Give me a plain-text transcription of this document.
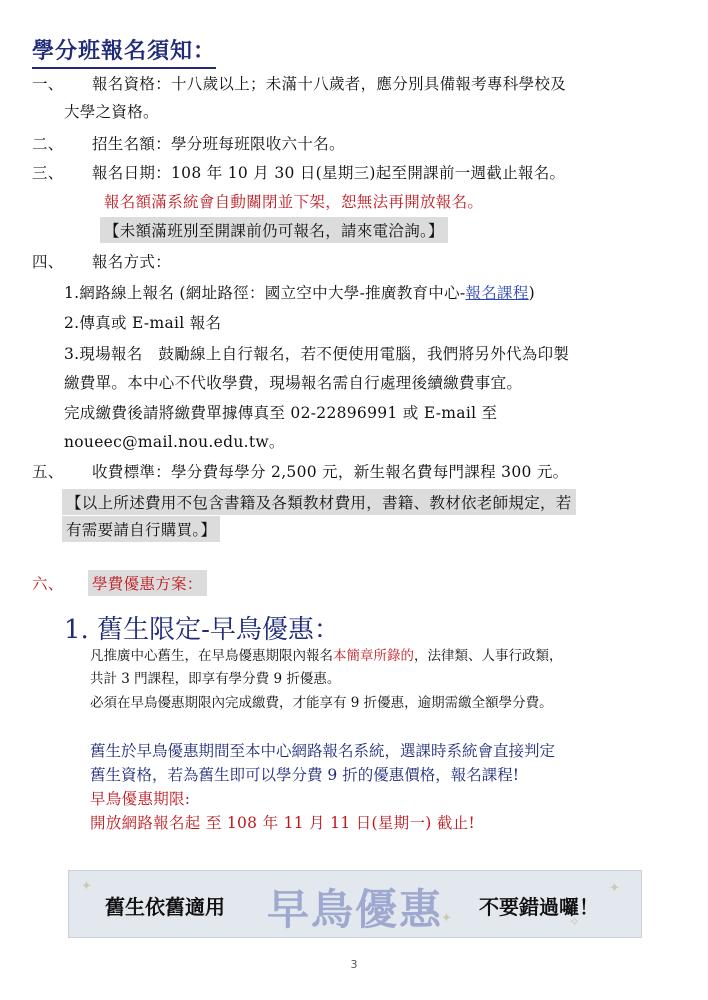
學分班報名須知：
一、 報名資格：十八歲以上；未滿十八歲者，應分別具備報考專科學校及
大學之資格。
二、 招生名額：學分班每班限收六十名。
三、 報名日期：108 年 10 月 30 日(星期三)起至開課前一週截止報名。
報名額滿系統會自動關閉並下架，恕無法再開放報名。
【未額滿班別至開課前仍可報名，請來電洽詢。】
四、 報名方式：
1.網路線上報名 (網址路徑：國立空中大學-推廣教育中心-報名課程)
2.傳真或 E-mail 報名
3.現場報名　鼓勵線上自行報名，若不便使用電腦，我們將另外代為印製
繳費單。本中心不代收學費，現場報名需自行處理後續繳費事宜。
完成繳費後請將繳費單據傳真至 02-22896991 或 E-mail 至
noueec@mail.nou.edu.tw。
五、 收費標準：學分費每學分 2,500 元，新生報名費每門課程 300 元。
【以上所述費用不包含書籍及各類教材費用，書籍、教材依老師規定，若
有需要請自行購買。】
六、 學費優惠方案：
1. 舊生限定-早鳥優惠：
凡推廣中心舊生，在早鳥優惠期限內報名本簡章所錄的，法律類、人事行政類，
共計 3 門課程，即享有學分費 9 折優惠。
必須在早鳥優惠期限內完成繳費，才能享有 9 折優惠，逾期需繳全額學分費。
舊生於早鳥優惠期間至本中心網路報名系統，選課時系統會直接判定
舊生資格，若為舊生即可以學分費 9 折的優惠價格，報名課程!
早鳥優惠期限:
開放網路報名起 至 108 年 11 月 11 日(星期一) 截止!
✦	✦
✦	✧
舊生依舊適用 早鳥優惠 不要錯過囉！
3
